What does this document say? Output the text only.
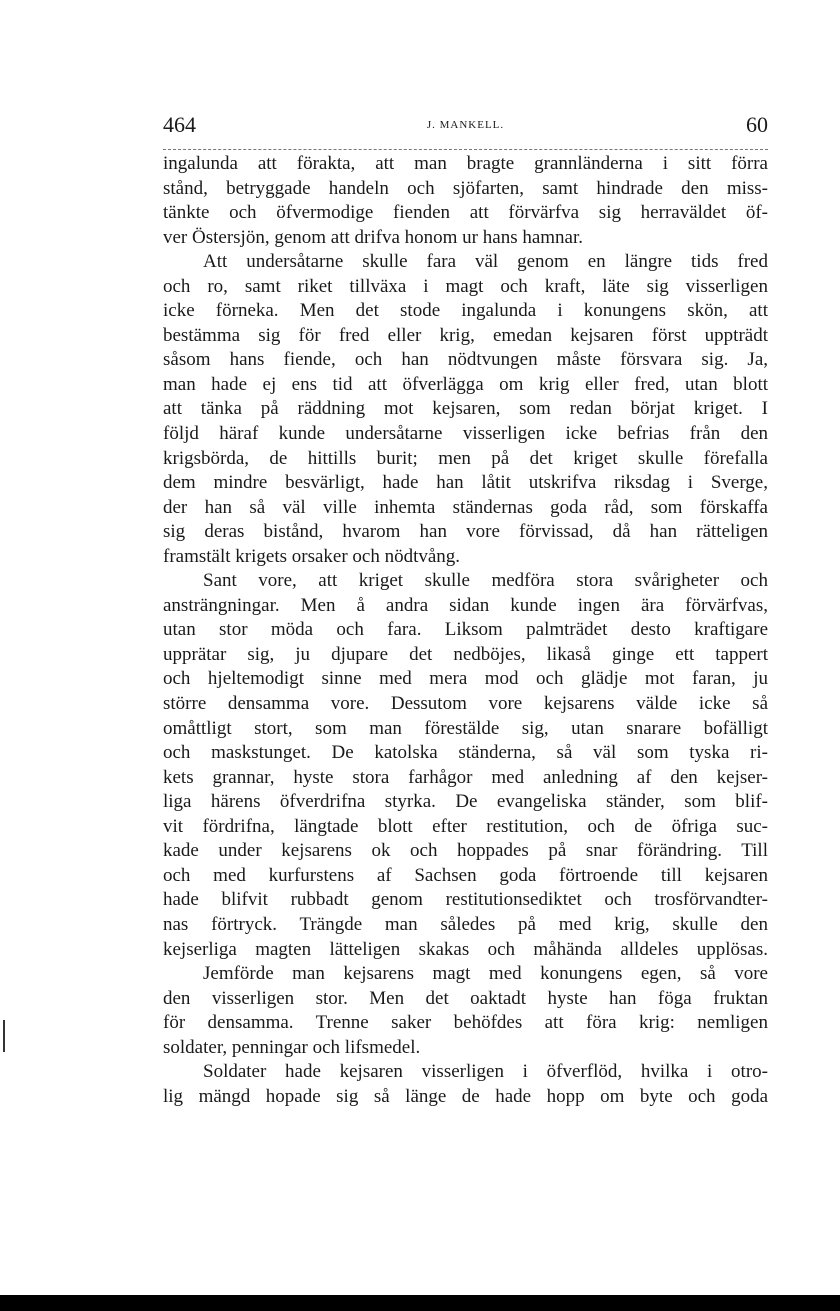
464	J. MANKELL.	60
ingalunda att förakta, att man bragte grannländerna i sitt förra
stånd, betryggade handeln och sjöfarten, samt hindrade den miss-
tänkte och öfvermodige fienden att förvärfva sig herraväldet öf-
ver Östersjön, genom att drifva honom ur hans hamnar.
Att undersåtarne skulle fara väl genom en längre tids fred
och ro, samt riket tillväxa i magt och kraft, läte sig visserligen
icke förneka. Men det stode ingalunda i konungens skön, att
bestämma sig för fred eller krig, emedan kejsaren först uppträdt
såsom hans fiende, och han nödtvungen måste försvara sig. Ja,
man hade ej ens tid att öfverlägga om krig eller fred, utan blott
att tänka på räddning mot kejsaren, som redan börjat kriget. I
följd häraf kunde undersåtarne visserligen icke befrias från den
krigsbörda, de hittills burit; men på det kriget skulle förefalla
dem mindre besvärligt, hade han låtit utskrifva riksdag i Sverge,
der han så väl ville inhemta ständernas goda råd, som förskaffa
sig deras bistånd, hvarom han vore förvissad, då han rätteligen
framstält krigets orsaker och nödtvång.
Sant vore, att kriget skulle medföra stora svårigheter och
ansträngningar. Men å andra sidan kunde ingen ära förvärfvas,
utan stor möda och fara. Liksom palmträdet desto kraftigare
upprätar sig, ju djupare det nedböjes, likaså ginge ett tappert
och hjeltemodigt sinne med mera mod och glädje mot faran, ju
större densamma vore. Dessutom vore kejsarens välde icke så
omåttligt stort, som man förestälde sig, utan snarare bofälligt
och maskstunget. De katolska ständerna, så väl som tyska ri-
kets grannar, hyste stora farhågor med anledning af den kejser-
liga härens öfverdrifna styrka. De evangeliska ständer, som blif-
vit fördrifna, längtade blott efter restitution, och de öfriga suc-
kade under kejsarens ok och hoppades på snar förändring. Till
och med kurfurstens af Sachsen goda förtroende till kejsaren
hade blifvit rubbadt genom restitutionsediktet och trosförvandter-
nas förtryck. Trängde man således på med krig, skulle den
kejserliga magten lätteligen skakas och måhända alldeles upplösas.
Jemförde man kejsarens magt med konungens egen, så vore
den visserligen stor. Men det oaktadt hyste han föga fruktan
för densamma. Trenne saker behöfdes att föra krig: nemligen
soldater, penningar och lifsmedel.
Soldater hade kejsaren visserligen i öfverflöd, hvilka i otro-
lig mängd hopade sig så länge de hade hopp om byte och goda
